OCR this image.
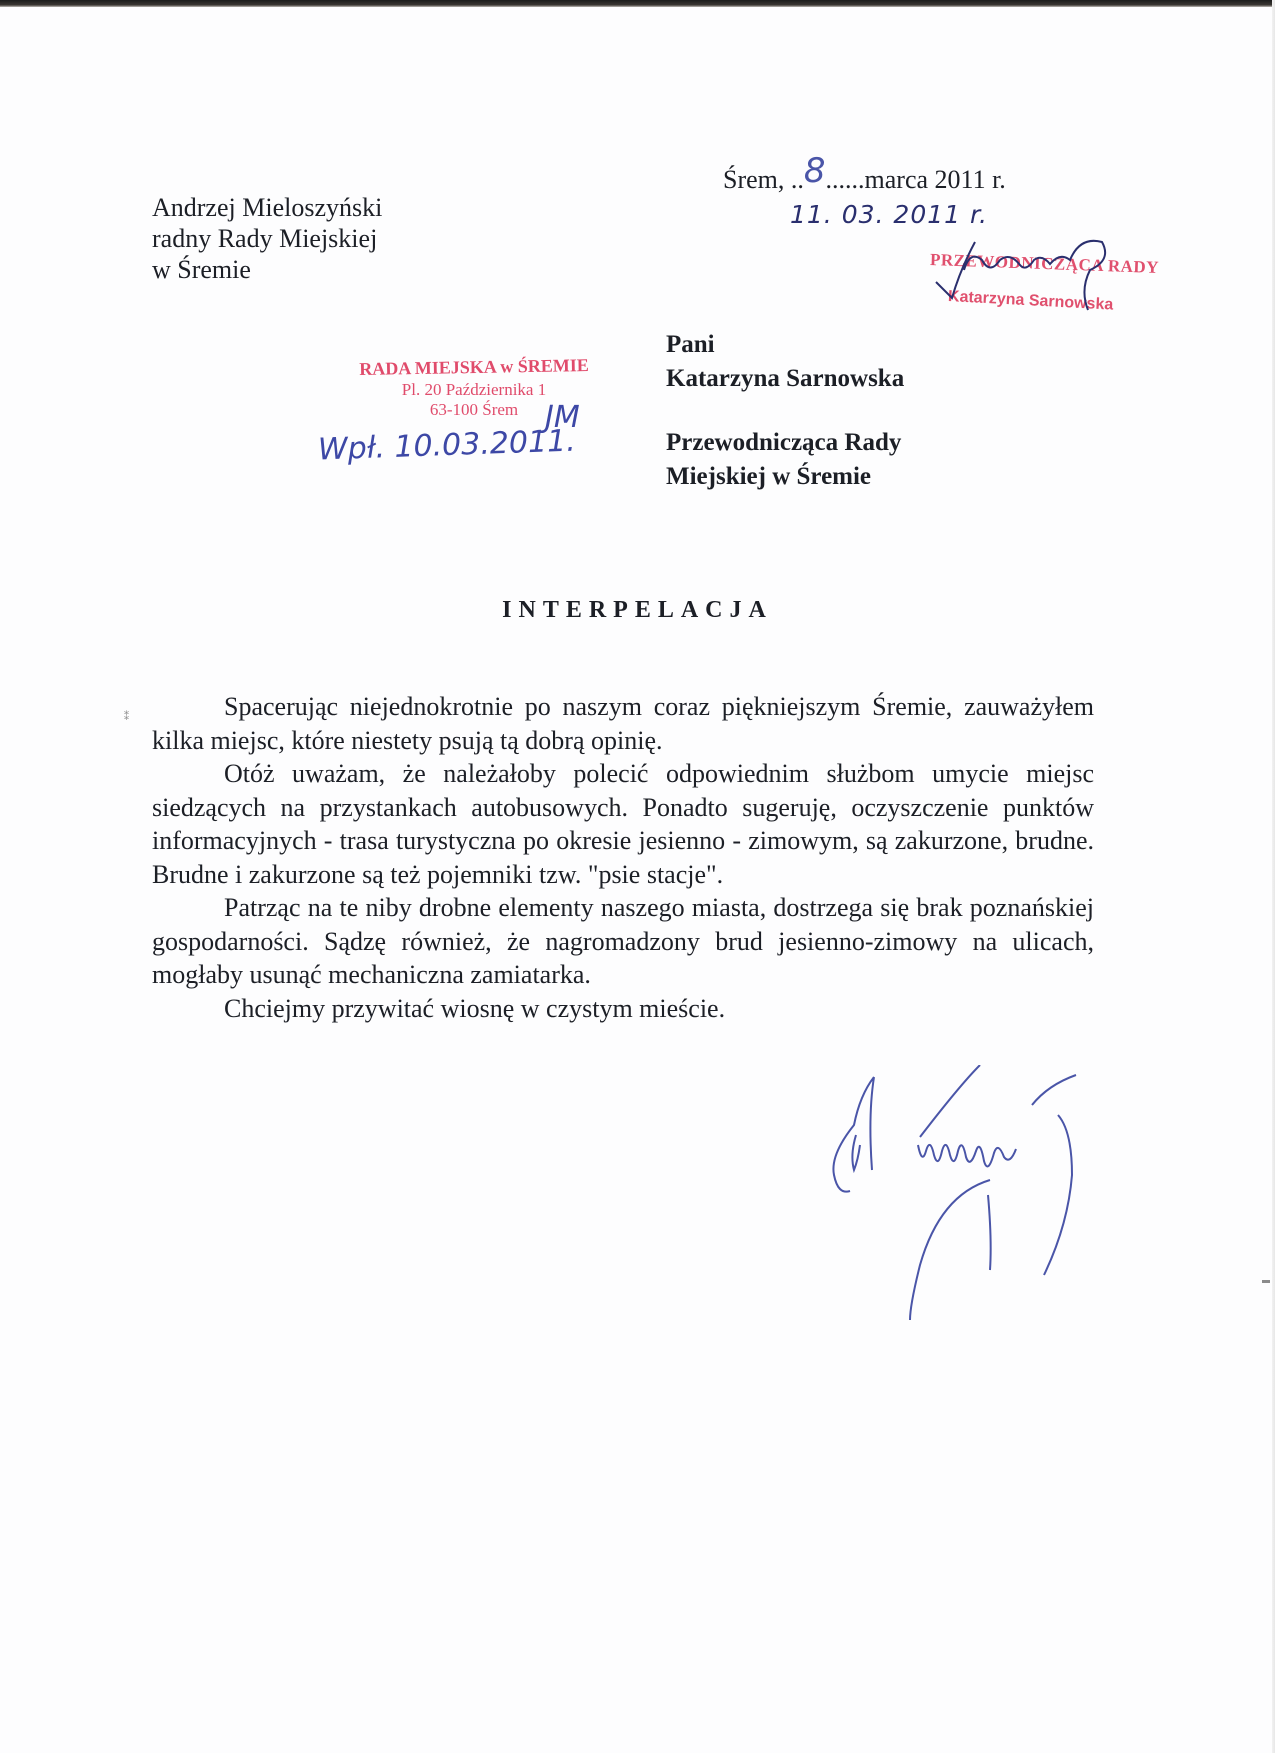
Andrzej Mieloszyński
radny Rady Miejskiej
w Śremie
Śrem, ..8......marca 2011 r.
11. 03. 2011 r.
PRZEWODNICZĄCA RADY
Katarzyna Sarnowska
Pani
Katarzyna Sarnowska
Przewodnicząca Rady
Miejskiej w Śremie
RADA MIEJSKA w ŚREMIE
Pl. 20 Października 1
63-100 Śrem
Wpł. 10.03.2011.
JM
INTERPELACJA
⁑	Spacerując niejednokrotnie po naszym coraz piękniejszym Śremie, zauważyłem kilka miejsc, które niestety psują tą dobrą opinię.

Otóż uważam, że należałoby polecić odpowiednim służbom umycie miejsc siedzących na przystankach autobusowych. Ponadto sugeruję, oczyszczenie punktów informacyjnych - trasa turystyczna po okresie jesienno - zimowym, są zakurzone, brudne. Brudne i zakurzone są też pojemniki tzw. "psie stacje".

Patrząc na te niby drobne elementy naszego miasta, dostrzega się brak poznańskiej gospodarności. Sądzę również, że nagromadzony brud jesienno-zimowy na ulicach, mogłaby usunąć mechaniczna zamiatarka.

Chciejmy przywitać wiosnę w czystym mieście.
